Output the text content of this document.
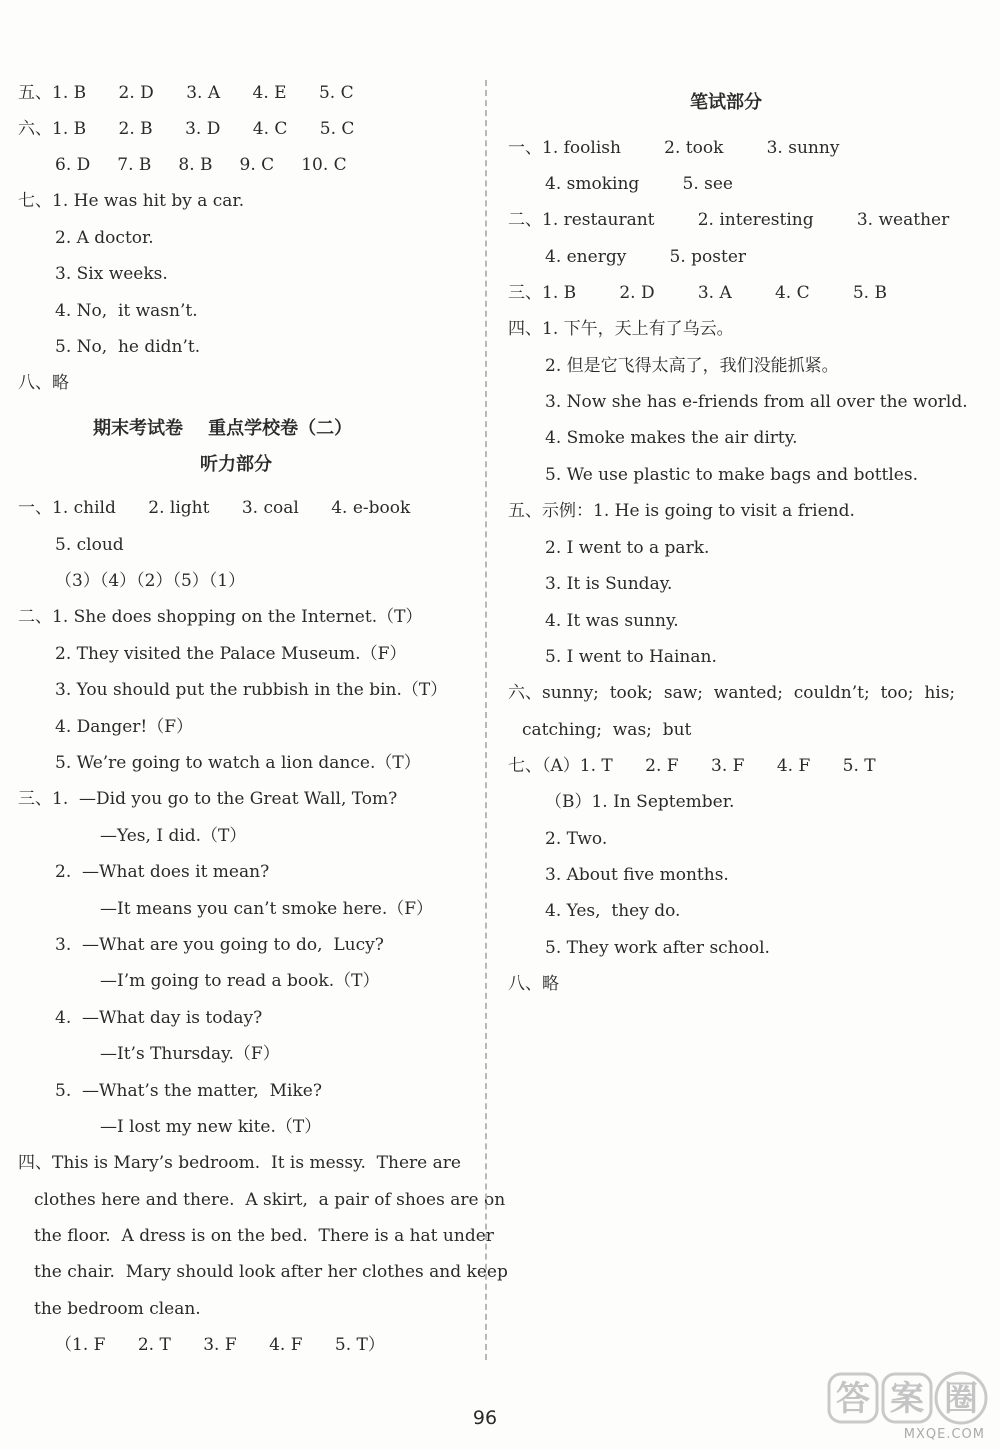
五、1. B      2. D      3. A      4. E      5. C
六、1. B      2. B      3. D      4. C      5. C
6. D     7. B     8. B     9. C     10. C
七、1. He was hit by a car.
2. A doctor.
3. Six weeks.
4. No,  it wasn’t.
5. No,  he didn’t.
八、略
期末考试卷    重点学校卷（二）
听力部分
一、1. child      2. light      3. coal      4. e-book
5. cloud
（3）（4）（2）（5）（1）
二、1. She does shopping on the Internet.（T）
2. They visited the Palace Museum.（F）
3. You should put the rubbish in the bin.（T）
4. Danger!（F）
5. We’re going to watch a lion dance.（T）
三、1.  —Did you go to the Great Wall, Tom?
—Yes, I did.（T）
2.  —What does it mean?
—It means you can’t smoke here.（F）
3.  —What are you going to do,  Lucy?
—I’m going to read a book.（T）
4.  —What day is today?
—It’s Thursday.（F）
5.  —What’s the matter,  Mike?
—I lost my new kite.（T）
四、This is Mary’s bedroom.  It is messy.  There are
clothes here and there.  A skirt,  a pair of shoes are on
the floor.  A dress is on the bed.  There is a hat under
the chair.  Mary should look after her clothes and keep
the bedroom clean.
（1. F      2. T      3. F      4. F      5. T）
笔试部分
一、1. foolish        2. took        3. sunny
4. smoking        5. see
二、1. restaurant        2. interesting        3. weather
4. energy        5. poster
三、1. B        2. D        3. A        4. C        5. B
四、1. 下午，天上有了乌云。
2. 但是它飞得太高了，我们没能抓紧。
3. Now she has e-friends from all over the world.
4. Smoke makes the air dirty.
5. We use plastic to make bags and bottles.
五、示例：1. He is going to visit a friend.
2. I went to a park.
3. It is Sunday.
4. It was sunny.
5. I went to Hainan.
六、sunny;  took;  saw;  wanted;  couldn’t;  too;  his;
catching;  was;  but
七、（A）1. T      2. F      3. F      4. F      5. T
（B）1. In September.
2. Two.
3. About five months.
4. Yes,  they do.
5. They work after school.
八、略
96	答 案 圈
MXQE.COM
